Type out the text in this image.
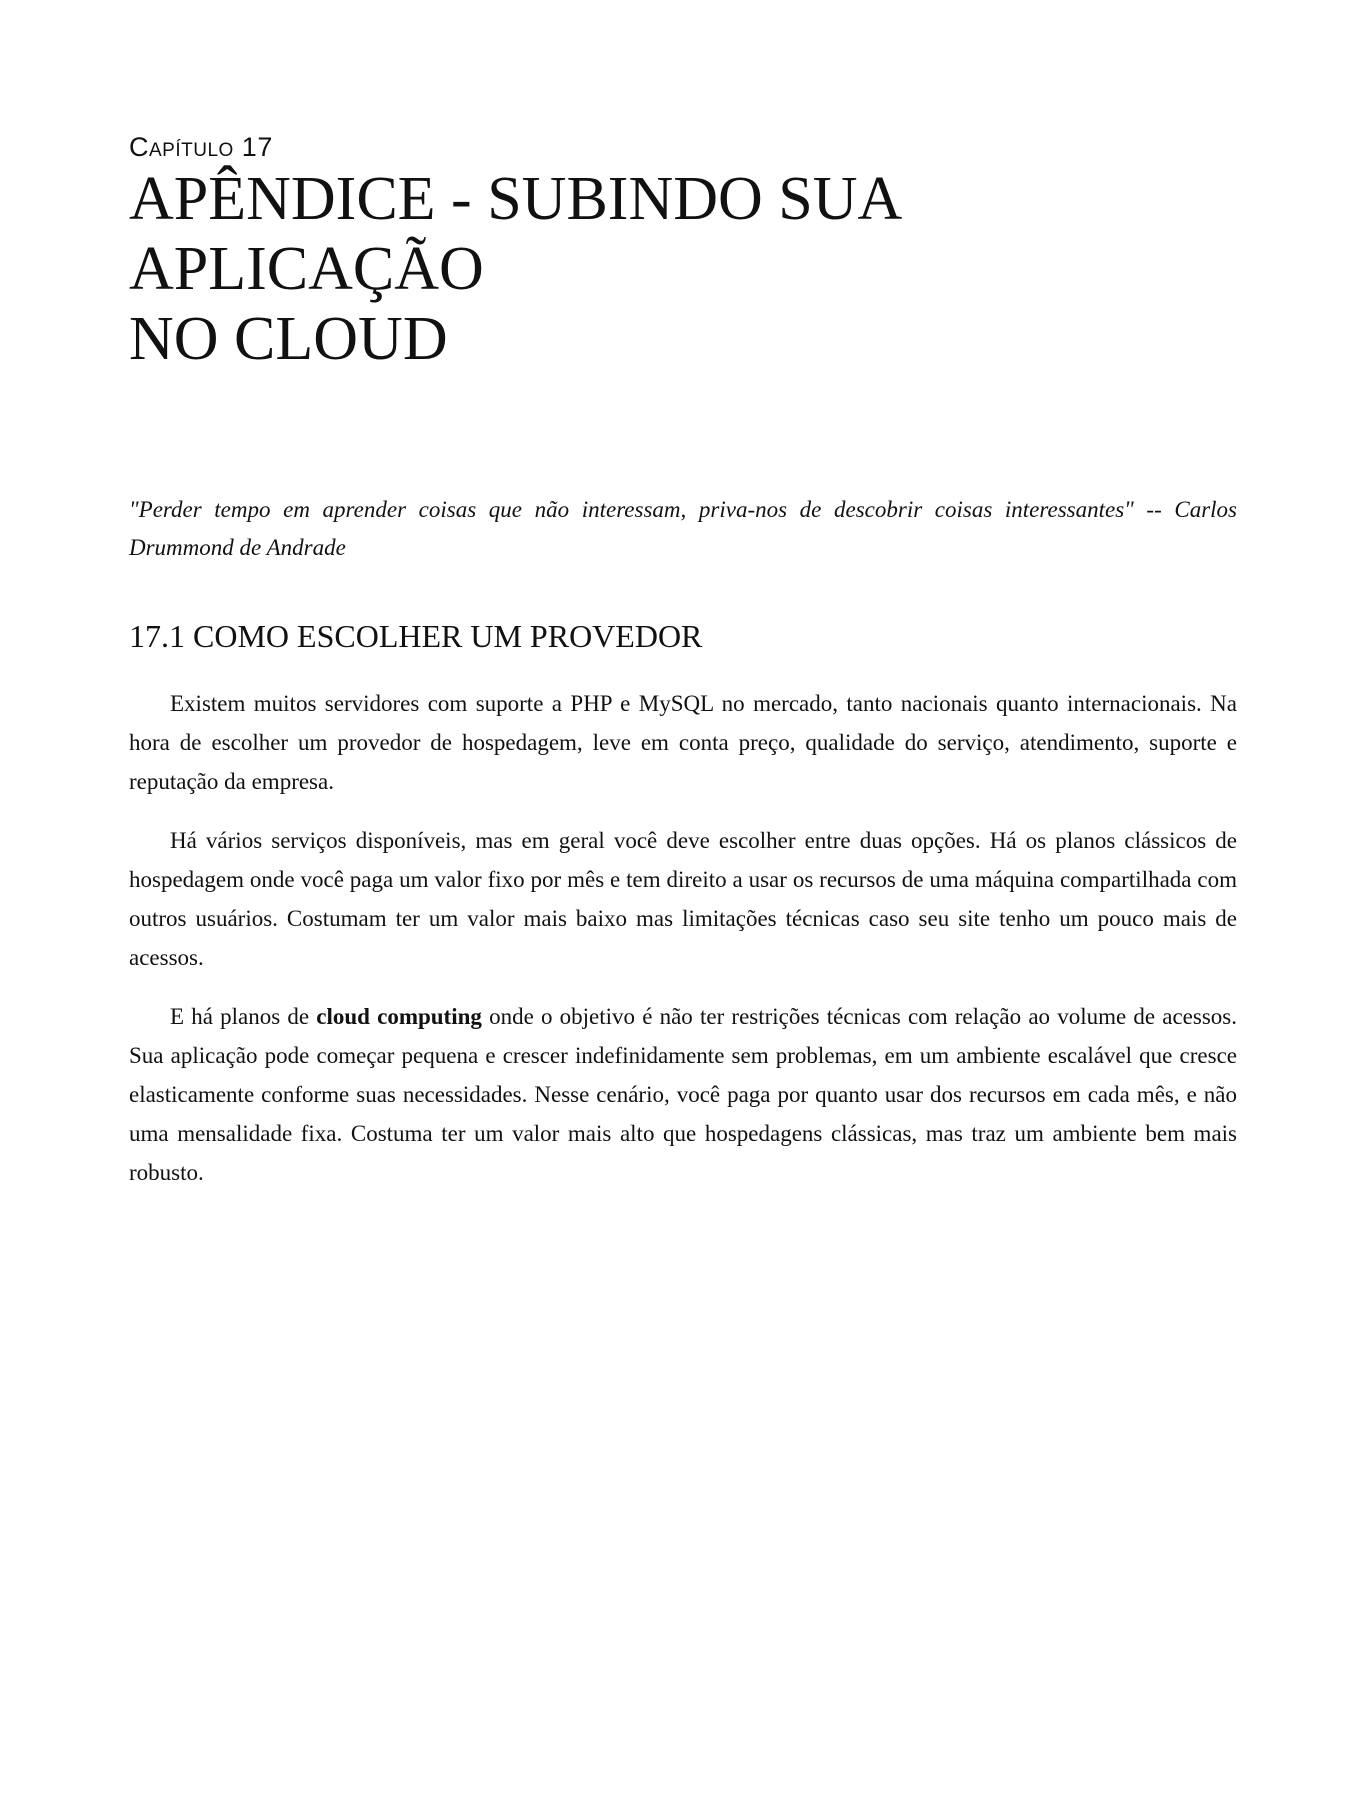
Capítulo 17
APÊNDICE - SUBINDO SUA APLICAÇÃO
NO CLOUD

"Perder tempo em aprender coisas que não interessam, priva-nos de descobrir coisas interessantes" -- Carlos Drummond de Andrade

17.1 COMO ESCOLHER UM PROVEDOR

Existem muitos servidores com suporte a PHP e MySQL no mercado, tanto nacionais quanto internacionais. Na hora de escolher um provedor de hospedagem, leve em conta preço, qualidade do serviço, atendimento, suporte e reputação da empresa.

Há vários serviços disponíveis, mas em geral você deve escolher entre duas opções. Há os planos clássicos de hospedagem onde você paga um valor fixo por mês e tem direito a usar os recursos de uma máquina compartilhada com outros usuários. Costumam ter um valor mais baixo mas limitações técnicas caso seu site tenho um pouco mais de acessos.

E há planos de cloud computing onde o objetivo é não ter restrições técnicas com relação ao volume de acessos. Sua aplicação pode começar pequena e crescer indefinidamente sem problemas, em um ambiente escalável que cresce elasticamente conforme suas necessidades. Nesse cenário, você paga por quanto usar dos recursos em cada mês, e não uma mensalidade fixa. Costuma ter um valor mais alto que hospedagens clássicas, mas traz um ambiente bem mais robusto.
